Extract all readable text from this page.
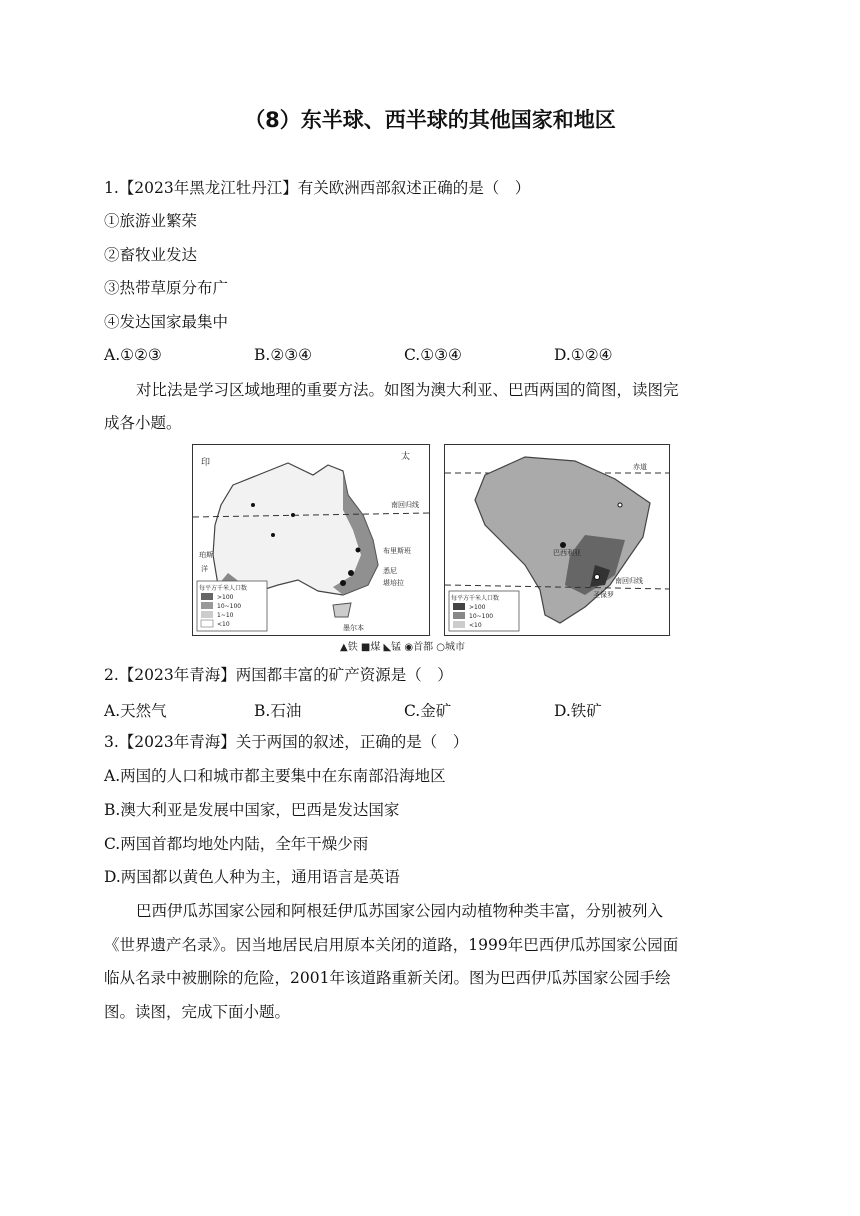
（8）东半球、西半球的其他国家和地区
1.【2023年黑龙江牡丹江】有关欧洲西部叙述正确的是（　）
①旅游业繁荣
②畜牧业发达
③热带草原分布广
④发达国家最集中
A.①②③	B.②③④	C.①③④	D.①②④
对比法是学习区域地理的重要方法。如图为澳大利亚、巴西两国的简图，读图完
成各小题。
南回归线
印
太
布里斯班
悉尼
堪培拉
墨尔本
珀斯
洋
每平方千米人口数
>100
10~100
1~10
<10
赤道
南回归线
巴西利亚
圣保罗
每平方千米人口数
>100
10~100
<10
▲铁 ■煤 ◣锰 ◉首都 ○城市
2.【2023年青海】两国都丰富的矿产资源是（　）
A.天然气	B.石油	C.金矿	D.铁矿
3.【2023年青海】关于两国的叙述，正确的是（　）
A.两国的人口和城市都主要集中在东南部沿海地区
B.澳大利亚是发展中国家，巴西是发达国家
C.两国首都均地处内陆，全年干燥少雨
D.两国都以黄色人种为主，通用语言是英语
巴西伊瓜苏国家公园和阿根廷伊瓜苏国家公园内动植物种类丰富，分别被列入
《世界遗产名录》。因当地居民启用原本关闭的道路，1999年巴西伊瓜苏国家公园面
临从名录中被删除的危险，2001年该道路重新关闭。图为巴西伊瓜苏国家公园手绘
图。读图，完成下面小题。
